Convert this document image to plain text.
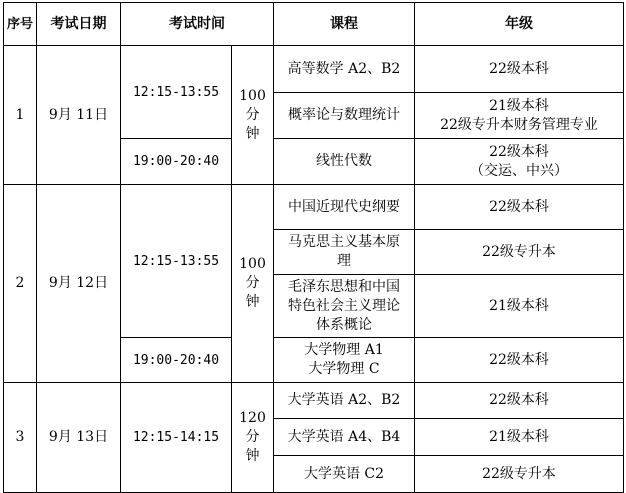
序号	考试日期	考试时间		课程	年级
1	9月 11日	12:15-13:55	100
分
钟	高等数学 A2、B2	22级本科
				概率论与数理统计	21级本科
22级专升本财务管理专业
		19:00-20:40		线性代数	22级本科
（交运、中兴）
2	9月 12日	12:15-13:55	100
分
钟	中国近现代史纲要	22级本科
				马克思主义基本原
理	22级专升本
				毛泽东思想和中国
特色社会主义理论
体系概论	21级本科
		19:00-20:40		大学物理 A1
大学物理 C	22级本科
3	9月 13日	12:15-14:15	120
分
钟	大学英语 A2、B2	22级本科
				大学英语 A4、B4	21级本科
				大学英语 C2	22级专升本
